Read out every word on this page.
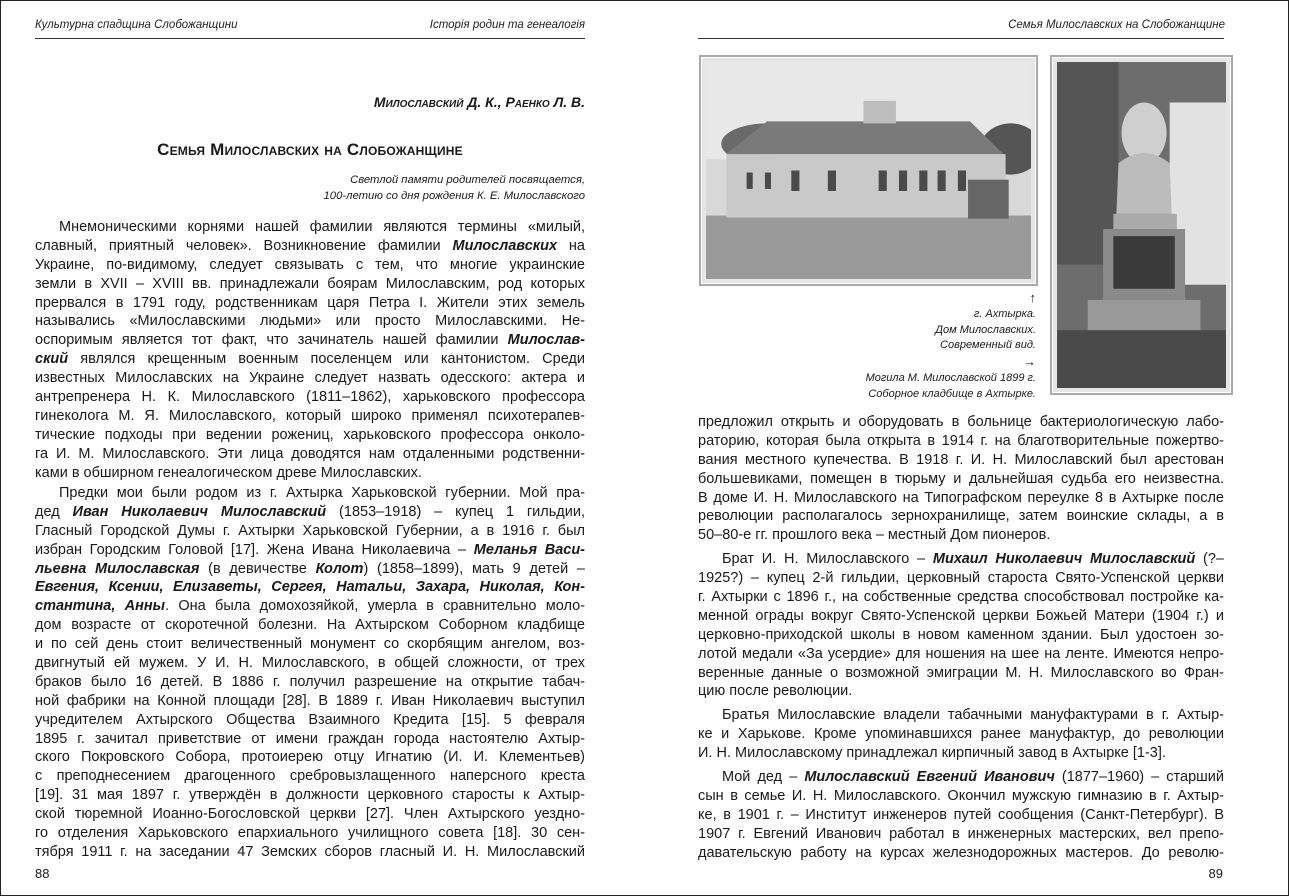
Культурна спадщина Слобожанщини	Історія родин та генеалогія
Милославский Д. К., Раенко Л. В.
Семья Милославских на Слобожанщине
Светлой памяти родителей посвящается,
100-летию со дня рождения К. Е. Милославского
Мнемоническими корнями нашей фамилии являются термины «милый,
славный, приятный человек». Возникновение фамилии Милославских на
Украине, по-видимому, следует связывать с тем, что многие украинские
земли в XVII – XVIII вв. принадлежали боярам Милославским, род которых
прервался в 1791 году, родственникам царя Петра I. Жители этих земель
назывались «Милославскими людьми» или просто Милославскими. Не-
оспоримым является тот факт, что зачинатель нашей фамилии Милослав-
ский являлся крещенным военным поселенцем или кантонистом. Среди
известных Милославских на Украине следует назвать одесского: актера и
антрепренера Н. К. Милославского (1811–1862), харьковского профессора
гинеколога М. Я. Милославского, который широко применял психотерапев-
тические подходы при ведении рожениц, харьковского профессора онколо-
га И. М. Милославского. Эти лица доводятся нам отдаленными родственни-
ками в обширном генеалогическом древе Милославских.
Предки мои были родом из г. Ахтырка Харьковской губернии. Мой пра-
дед Иван Николаевич Милославский (1853–1918) – купец 1 гильдии,
Гласный Городской Думы г. Ахтырки Харьковской Губернии, а в 1916 г. был
избран Городским Головой [17]. Жена Ивана Николаевича – Меланья Васи-
льевна Милославская (в девичестве Колот) (1858–1899), мать 9 детей –
Евгения, Ксении, Елизаветы, Сергея, Натальи, Захара, Николая, Кон-
стантина, Анны. Она была домохозяйкой, умерла в сравнительно моло-
дом возрасте от скоротечной болезни. На Ахтырском Соборном кладбище
и по сей день стоит величественный монумент со скорбящим ангелом, воз-
двигнутый ей мужем. У И. Н. Милославского, в общей сложности, от трех
браков было 16 детей. В 1886 г. получил разрешение на открытие табач-
ной фабрики на Конной площади [28]. В 1889 г. Иван Николаевич выступил
учредителем Ахтырского Общества Взаимного Кредита [15]. 5 февраля
1895 г. зачитал приветствие от имени граждан города настоятелю Ахтыр-
ского Покровского Собора, протоиерею отцу Игнатию (И. И. Клементьев)
с преподнесением драгоценного сребровызлащенного наперсного креста
[19]. 31 мая 1897 г. утверждён в должности церковного старосты к Ахтыр-
ской тюремной Иоанно-Богословской церкви [27]. Член Ахтырского уездно-
го отделения Харьковского епархиального училищного совета [18]. 30 сен-
тября 1911 г. на заседании 47 Земских сборов гласный И. Н. Милославский
88
Семья Милославских на Слобожанщине
↑
г. Ахтырка.
Дом Милославских.
Современный вид.
→
Могила М. Милославской 1899 г.
Соборное кладбище в Ахтырке.
предложил открыть и оборудовать в больнице бактериологическую лабо-
раторию, которая была открыта в 1914 г. на благотворительные пожертво-
вания местного купечества. В 1918 г. И. Н. Милославский был арестован
большевиками, помещен в тюрьму и дальнейшая судьба его неизвестна.
В доме И. Н. Милославского на Типографском переулке 8 в Ахтырке после
революции располагалось зернохранилище, затем воинские склады, а в
50–80-е гг. прошлого века – местный Дом пионеров.
Брат И. Н. Милославского – Михаил Николаевич Милославский (?–
1925?) – купец 2-й гильдии, церковный староста Свято-Успенской церкви
г. Ахтырки с 1896 г., на собственные средства способствовал постройке ка-
менной ограды вокруг Свято-Успенской церкви Божьей Матери (1904 г.) и
церковно-приходской школы в новом каменном здании. Был удостоен зо-
лотой медали «За усердие» для ношения на шее на ленте. Имеются непро-
веренные данные о возможной эмиграции М. Н. Милославского во Фран-
цию после революции.
Братья Милославские владели табачными мануфактурами в г. Ахтыр-
ке и Харькове. Кроме упоминавшихся ранее мануфактур, до революции
И. Н. Милославскому принадлежал кирпичный завод в Ахтырке [1-3].
Мой дед – Милославский Евгений Иванович (1877–1960) – старший
сын в семье И. Н. Милославского. Окончил мужскую гимназию в г. Ахтыр-
ке, в 1901 г. – Институт инженеров путей сообщения (Санкт-Петербург). В
1907 г. Евгений Иванович работал в инженерных мастерских, вел препо-
давательскую работу на курсах железнодорожных мастеров. До револю-
89
